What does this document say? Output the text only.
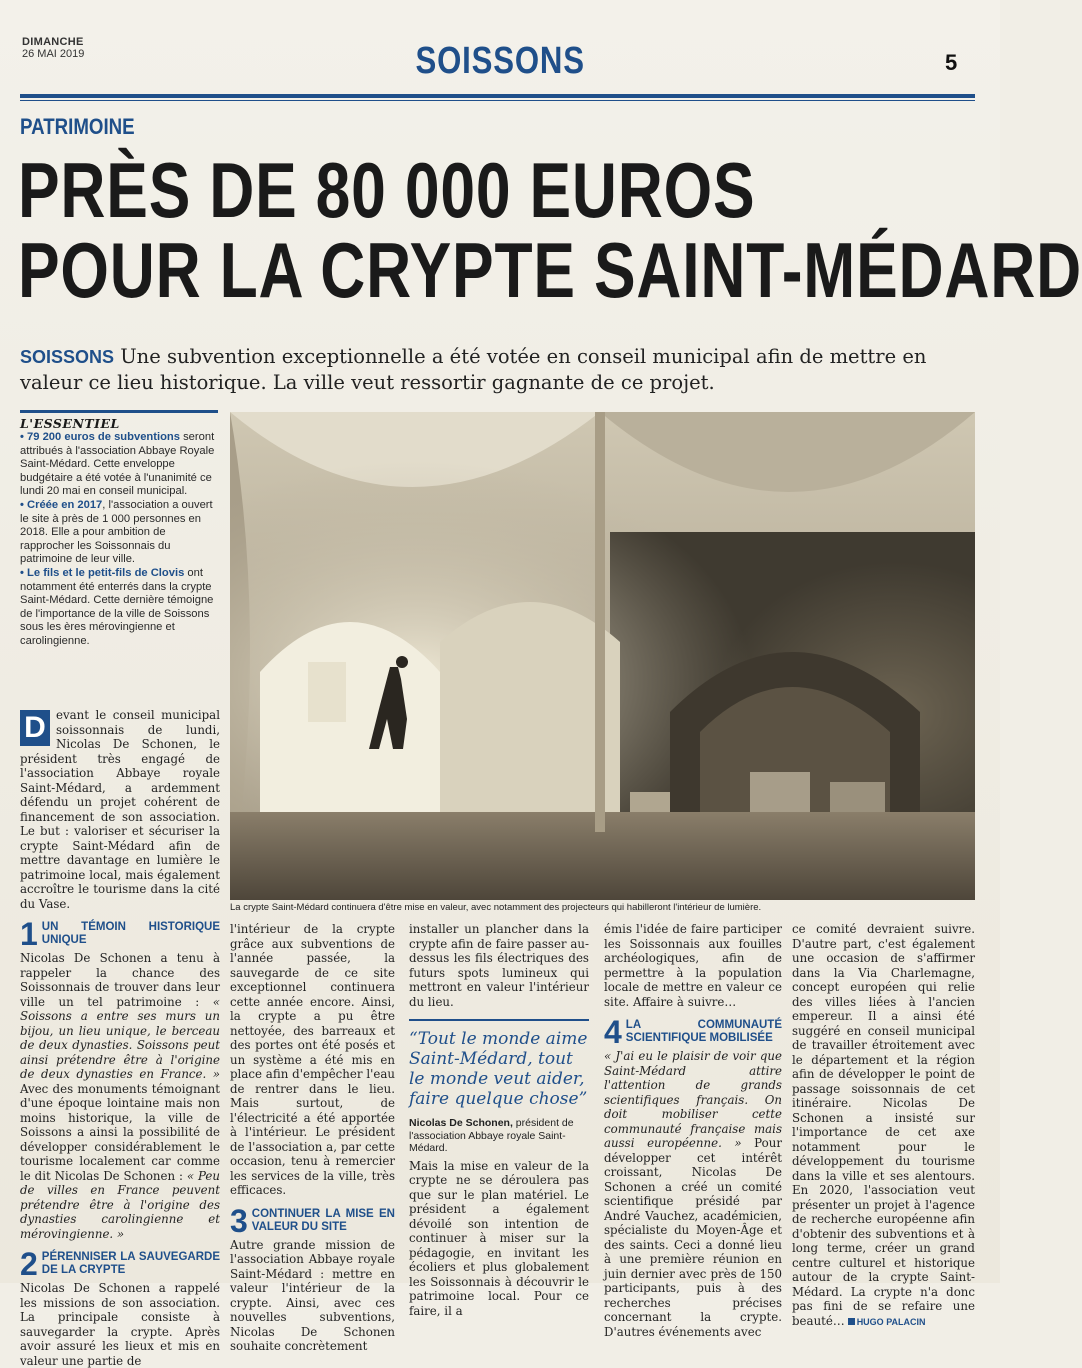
DIMANCHE
26 MAI 2019	SOISSONS	5
PATRIMOINE
PRÈS DE 80 000 EUROS
POUR LA CRYPTE SAINT-MÉDARD
SOISSONS Une subvention exceptionnelle a été votée en conseil municipal afin de mettre en valeur ce lieu historique. La ville veut ressortir gagnante de ce projet.
L'ESSENTIEL
• 79 200 euros de subventions seront attribués à l'association Abbaye Royale Saint-Médard. Cette enveloppe budgétaire a été votée à l'unanimité ce lundi 20 mai en conseil municipal.
• Créée en 2017, l'association a ouvert le site à près de 1 000 personnes en 2018. Elle a pour ambition de rapprocher les Soissonnais du patrimoine de leur ville.
• Le fils et le petit-fils de Clovis ont notamment été enterrés dans la crypte Saint-Médard. Cette dernière témoigne de l'importance de la ville de Soissons sous les ères mérovingienne et carolingienne.
La crypte Saint-Médard continuera d'être mise en valeur, avec notamment des projecteurs qui habilleront l'intérieur de lumière.
D evant le conseil municipal soissonnais de lundi, Nicolas De Schonen, le président très engagé de l'association Abbaye royale Saint-Médard, a ardemment défendu un projet cohérent de financement de son association. Le but : valoriser et sécuriser la crypte Saint-Médard afin de mettre davantage en lumière le patrimoine local, mais également accroître le tourisme dans la cité du Vase.

1 UN TÉMOIN HISTORIQUE UNIQUE

Nicolas De Schonen a tenu à rappeler la chance des Soissonnais de trouver dans leur ville un tel patrimoine : « Soissons a entre ses murs un bijou, un lieu unique, le berceau de deux dynasties. Soissons peut ainsi prétendre être à l'origine de deux dynasties en France. » Avec des monuments témoignant d'une époque lointaine mais non moins historique, la ville de Soissons a ainsi la possibilité de développer considérablement le tourisme localement car comme le dit Nicolas De Schonen : « Peu de villes en France peuvent prétendre être à l'origine des dynasties carolingienne et mérovingienne. »

2 PÉRENNISER LA SAUVEGARDE DE LA CRYPTE

Nicolas De Schonen a rappelé les missions de son association. La principale consiste à sauvegarder la crypte. Après avoir assuré les lieux et mis en valeur une partie de

l'intérieur de la crypte grâce aux subventions de l'année passée, la sauvegarde de ce site exceptionnel continuera cette année encore. Ainsi, la crypte a pu être nettoyée, des barreaux et des portes ont été posés et un système a été mis en place afin d'empêcher l'eau de rentrer dans le lieu. Mais surtout, de l'électricité a été apportée à l'intérieur. Le président de l'association a, par cette occasion, tenu à remercier les services de la ville, très efficaces.

3 CONTINUER LA MISE EN VALEUR DU SITE

Autre grande mission de l'association Abbaye royale Saint-Médard : mettre en valeur l'intérieur de la crypte. Ainsi, avec ces nouvelles subventions, Nicolas De Schonen souhaite concrètement

installer un plancher dans la crypte afin de faire passer au-dessus les fils électriques des futurs spots lumineux qui mettront en valeur l'intérieur du lieu.

“Tout le monde aime Saint-Médard, tout le monde veut aider, faire quelque chose”
Nicolas De Schonen, président de l'association Abbaye royale Saint-Médard.

Mais la mise en valeur de la crypte ne se déroulera pas que sur le plan matériel. Le président a également dévoilé son intention de continuer à miser sur la pédagogie, en invitant les écoliers et plus globalement les Soissonnais à découvrir le patrimoine local. Pour ce faire, il a

émis l'idée de faire participer les Soissonnais aux fouilles archéologiques, afin de permettre à la population locale de mettre en valeur ce site. Affaire à suivre…

4 LA COMMUNAUTÉ SCIENTIFIQUE MOBILISÉE

« J'ai eu le plaisir de voir que Saint-Médard attire l'attention de grands scientifiques français. On doit mobiliser cette communauté française mais aussi européenne. » Pour développer cet intérêt croissant, Nicolas De Schonen a créé un comité scientifique présidé par André Vauchez, académicien, spécialiste du Moyen-Âge et des saints. Ceci a donné lieu à une première réunion en juin dernier avec près de 150 participants, puis à des recherches précises concernant la crypte. D'autres événements avec

ce comité devraient suivre. D'autre part, c'est également une occasion de s'affirmer dans la Via Charlemagne, concept européen qui relie des villes liées à l'ancien empereur. Il a ainsi été suggéré en conseil municipal de travailler étroitement avec le département et la région afin de développer le point de passage soissonnais de cet itinéraire. Nicolas De Schonen a insisté sur l'importance de cet axe notamment pour le développement du tourisme dans la ville et ses alentours. En 2020, l'association veut présenter un projet à l'agence de recherche européenne afin d'obtenir des subventions et à long terme, créer un grand centre culturel et historique autour de la crypte Saint-Médard. La crypte n'a donc pas fini de se refaire une beauté… HUGO PALACIN
